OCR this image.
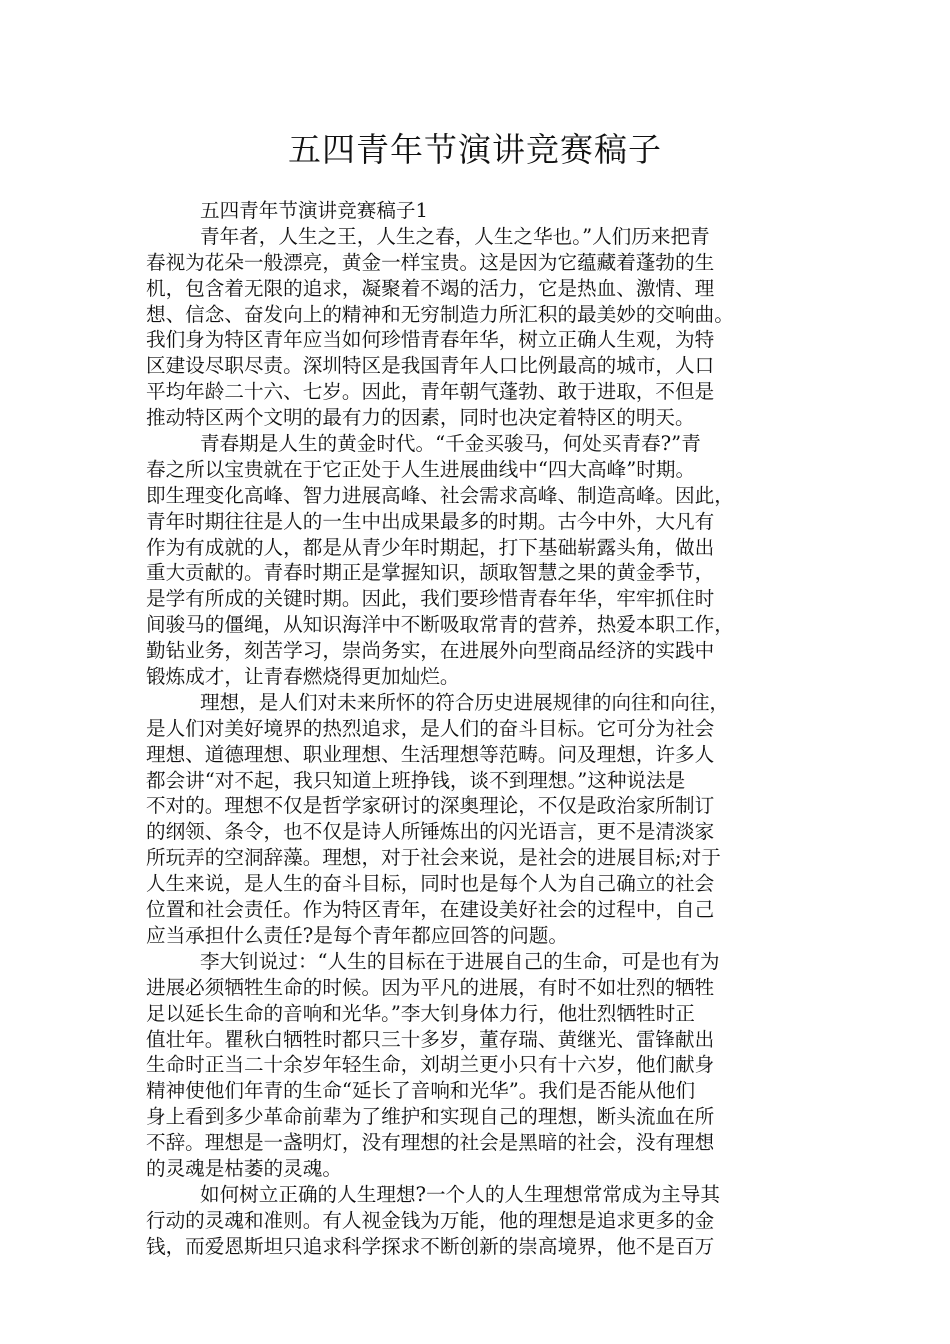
五四青年节演讲竞赛稿子
五四青年节演讲竞赛稿子1
青年者，人生之王，人生之春，人生之华也。”人们历来把青
春视为花朵一般漂亮，黄金一样宝贵。这是因为它蕴藏着蓬勃的生
机，包含着无限的追求，凝聚着不竭的活力，它是热血、激情、理
想、信念、奋发向上的精神和无穷制造力所汇积的最美妙的交响曲。
我们身为特区青年应当如何珍惜青春年华，树立正确人生观，为特
区建设尽职尽责。深圳特区是我国青年人口比例最高的城市，人口
平均年龄二十六、七岁。因此，青年朝气蓬勃、敢于进取，不但是
推动特区两个文明的最有力的因素，同时也决定着特区的明天。
青春期是人生的黄金时代。“千金买骏马，何处买青春?”青
春之所以宝贵就在于它正处于人生进展曲线中“四大高峰”时期。
即生理变化高峰、智力进展高峰、社会需求高峰、制造高峰。因此，
青年时期往往是人的一生中出成果最多的时期。古今中外，大凡有
作为有成就的人，都是从青少年时期起，打下基础崭露头角，做出
重大贡献的。青春时期正是掌握知识，颉取智慧之果的黄金季节，
是学有所成的关键时期。因此，我们要珍惜青春年华，牢牢抓住时
间骏马的僵绳，从知识海洋中不断吸取常青的营养，热爱本职工作，
勤钻业务，刻苦学习，崇尚务实，在进展外向型商品经济的实践中
锻炼成才，让青春燃烧得更加灿烂。
理想，是人们对未来所怀的符合历史进展规律的向往和向往，
是人们对美好境界的热烈追求，是人们的奋斗目标。它可分为社会
理想、道德理想、职业理想、生活理想等范畴。问及理想，许多人
都会讲“对不起，我只知道上班挣钱，谈不到理想。”这种说法是
不对的。理想不仅是哲学家研讨的深奥理论，不仅是政治家所制订
的纲领、条令，也不仅是诗人所锤炼出的闪光语言，更不是清淡家
所玩弄的空洞辞藻。理想，对于社会来说，是社会的进展目标;对于
人生来说，是人生的奋斗目标，同时也是每个人为自己确立的社会
位置和社会责任。作为特区青年，在建设美好社会的过程中，自己
应当承担什么责任?是每个青年都应回答的问题。
李大钊说过：“人生的目标在于进展自己的生命，可是也有为
进展必须牺牲生命的时候。因为平凡的进展，有时不如壮烈的牺牲
足以延长生命的音响和光华。”李大钊身体力行，他壮烈牺牲时正
值壮年。瞿秋白牺牲时都只三十多岁，董存瑞、黄继光、雷锋献出
生命时正当二十余岁年轻生命，刘胡兰更小只有十六岁，他们献身
精神使他们年青的生命“延长了音响和光华”。我们是否能从他们
身上看到多少革命前辈为了维护和实现自己的理想，断头流血在所
不辞。理想是一盏明灯，没有理想的社会是黑暗的社会，没有理想
的灵魂是枯萎的灵魂。
如何树立正确的人生理想?一个人的人生理想常常成为主导其
行动的灵魂和准则。有人视金钱为万能，他的理想是追求更多的金
钱，而爱恩斯坦只追求科学探求不断创新的崇高境界，他不是百万
